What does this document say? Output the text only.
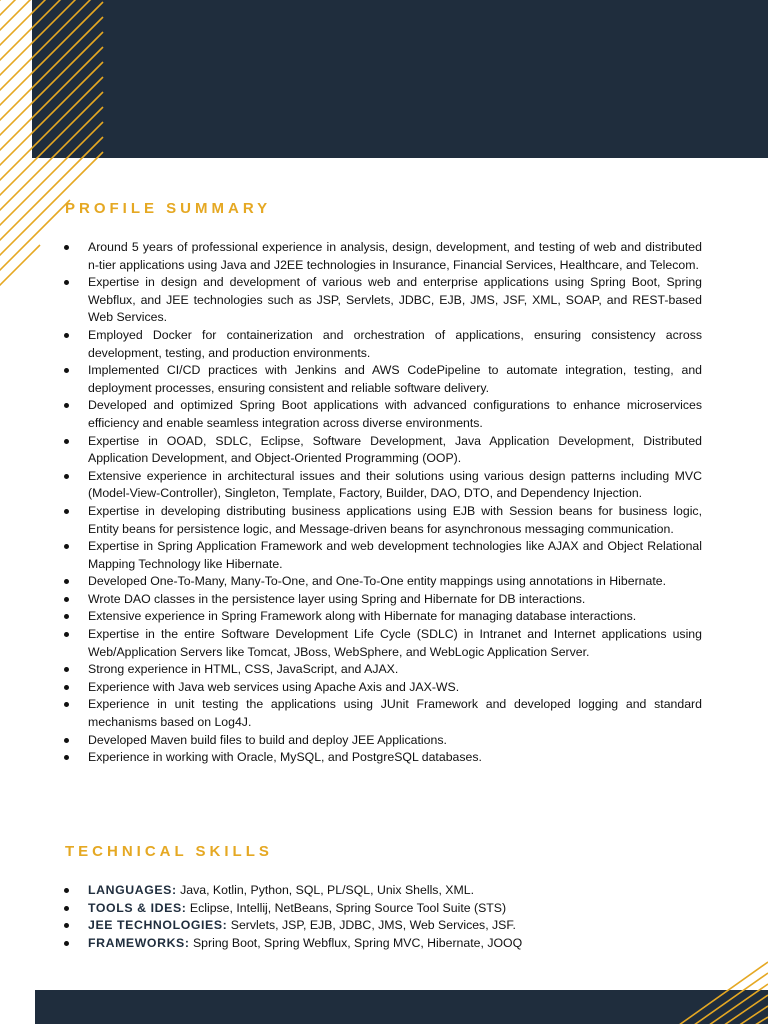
PROFILE SUMMARY
Around 5 years of professional experience in analysis, design, development, and testing of web and distributed n-tier applications using Java and J2EE technologies in Insurance, Financial Services, Healthcare, and Telecom.
Expertise in design and development of various web and enterprise applications using Spring Boot, Spring Webflux, and JEE technologies such as JSP, Servlets, JDBC, EJB, JMS, JSF, XML, SOAP, and REST-based Web Services.
Employed Docker for containerization and orchestration of applications, ensuring consistency across development, testing, and production environments.
Implemented CI/CD practices with Jenkins and AWS CodePipeline to automate integration, testing, and deployment processes, ensuring consistent and reliable software delivery.
Developed and optimized Spring Boot applications with advanced configurations to enhance microservices efficiency and enable seamless integration across diverse environments.
Expertise in OOAD, SDLC, Eclipse, Software Development, Java Application Development, Distributed Application Development, and Object-Oriented Programming (OOP).
Extensive experience in architectural issues and their solutions using various design patterns including MVC (Model-View-Controller), Singleton, Template, Factory, Builder, DAO, DTO, and Dependency Injection.
Expertise in developing distributing business applications using EJB with Session beans for business logic, Entity beans for persistence logic, and Message-driven beans for asynchronous messaging communication.
Expertise in Spring Application Framework and web development technologies like AJAX and Object Relational Mapping Technology like Hibernate.
Developed One-To-Many, Many-To-One, and One-To-One entity mappings using annotations in Hibernate.
Wrote DAO classes in the persistence layer using Spring and Hibernate for DB interactions.
Extensive experience in Spring Framework along with Hibernate for managing database interactions.
Expertise in the entire Software Development Life Cycle (SDLC) in Intranet and Internet applications using Web/Application Servers like Tomcat, JBoss, WebSphere, and WebLogic Application Server.
Strong experience in HTML, CSS, JavaScript, and AJAX.
Experience with Java web services using Apache Axis and JAX-WS.
Experience in unit testing the applications using JUnit Framework and developed logging and standard mechanisms based on Log4J.
Developed Maven build files to build and deploy JEE Applications.
Experience in working with Oracle, MySQL, and PostgreSQL databases.
TECHNICAL SKILLS
LANGUAGES: Java, Kotlin, Python, SQL, PL/SQL, Unix Shells, XML.
TOOLS & IDES: Eclipse, Intellij, NetBeans, Spring Source Tool Suite (STS)
JEE TECHNOLOGIES: Servlets, JSP, EJB, JDBC, JMS, Web Services, JSF.
FRAMEWORKS: Spring Boot, Spring Webflux, Spring MVC, Hibernate, JOOQ
